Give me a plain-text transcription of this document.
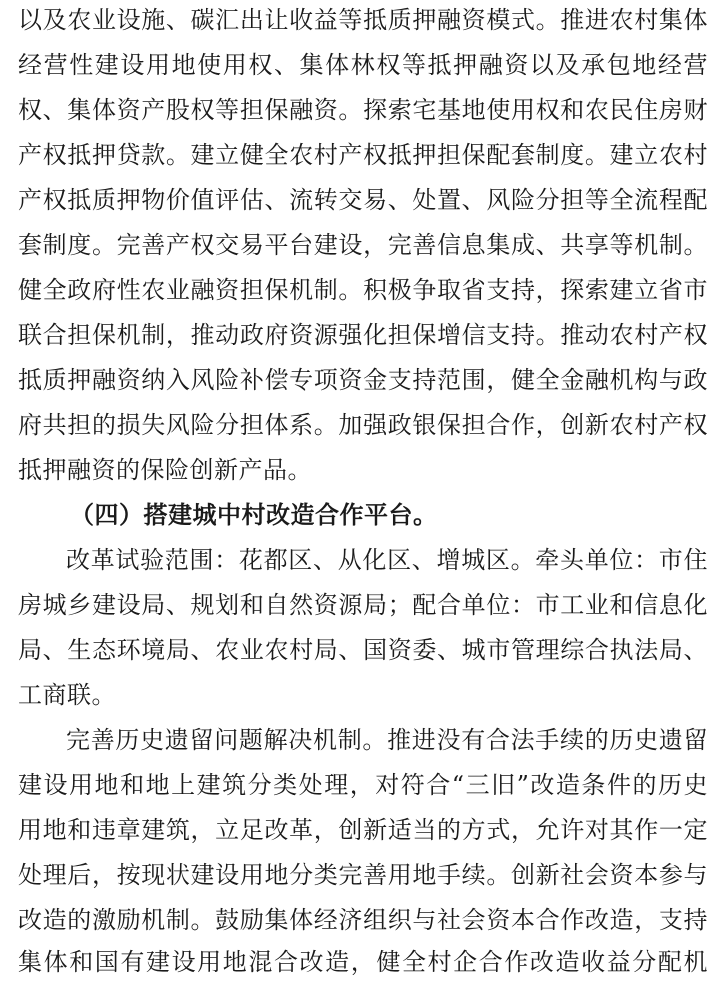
以及农业设施、碳汇出让收益等抵质押融资模式。推进农村集体
经营性建设用地使用权、集体林权等抵押融资以及承包地经营
权、集体资产股权等担保融资。探索宅基地使用权和农民住房财
产权抵押贷款。建立健全农村产权抵押担保配套制度。建立农村
产权抵质押物价值评估、流转交易、处置、风险分担等全流程配
套制度。完善产权交易平台建设，完善信息集成、共享等机制。
健全政府性农业融资担保机制。积极争取省支持，探索建立省市
联合担保机制，推动政府资源强化担保增信支持。推动农村产权
抵质押融资纳入风险补偿专项资金支持范围，健全金融机构与政
府共担的损失风险分担体系。加强政银保担合作，创新农村产权
抵押融资的保险创新产品。
（四）搭建城中村改造合作平台。
改革试验范围：花都区、从化区、增城区。牵头单位：市住
房城乡建设局、规划和自然资源局；配合单位：市工业和信息化
局、生态环境局、农业农村局、国资委、城市管理综合执法局、
工商联。
完善历史遗留问题解决机制。推进没有合法手续的历史遗留
建设用地和地上建筑分类处理，对符合“三旧”改造条件的历史
用地和违章建筑，立足改革，创新适当的方式，允许对其作一定
处理后，按现状建设用地分类完善用地手续。创新社会资本参与
改造的激励机制。鼓励集体经济组织与社会资本合作改造，支持
集体和国有建设用地混合改造，健全村企合作改造收益分配机
